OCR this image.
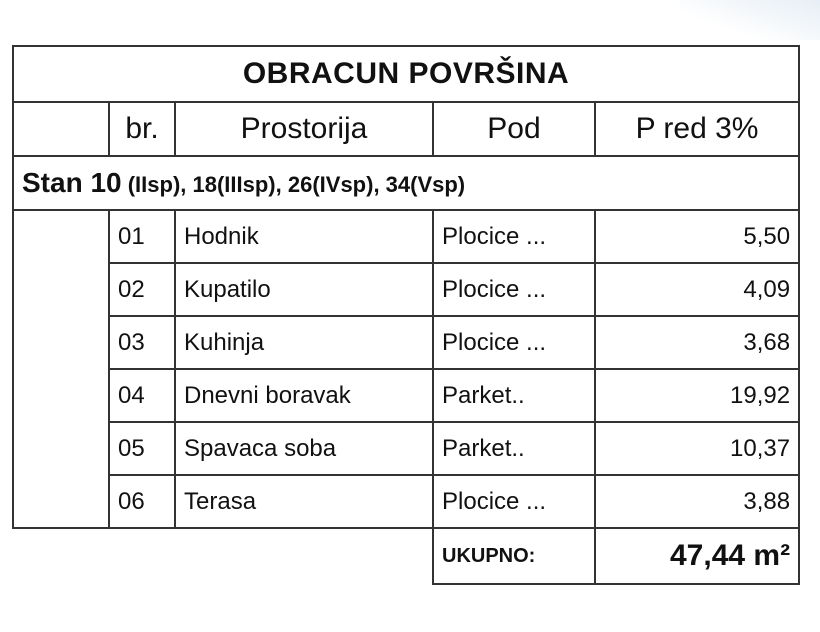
OBRACUN POVRŠINA				
	br.	Prostorija	Pod	P red 3%
Stan 10 (IIsp), 18(IIIsp), 26(IVsp), 34(Vsp)				
	01	Hodnik	Plocice ...	5,50
	02	Kupatilo	Plocice ...	4,09
	03	Kuhinja	Plocice ...	3,68
	04	Dnevni boravak	Parket..	19,92
	05	Spavaca soba	Parket..	10,37
	06	Terasa	Plocice ...	3,88
			UKUPNO:	47,44 m²
